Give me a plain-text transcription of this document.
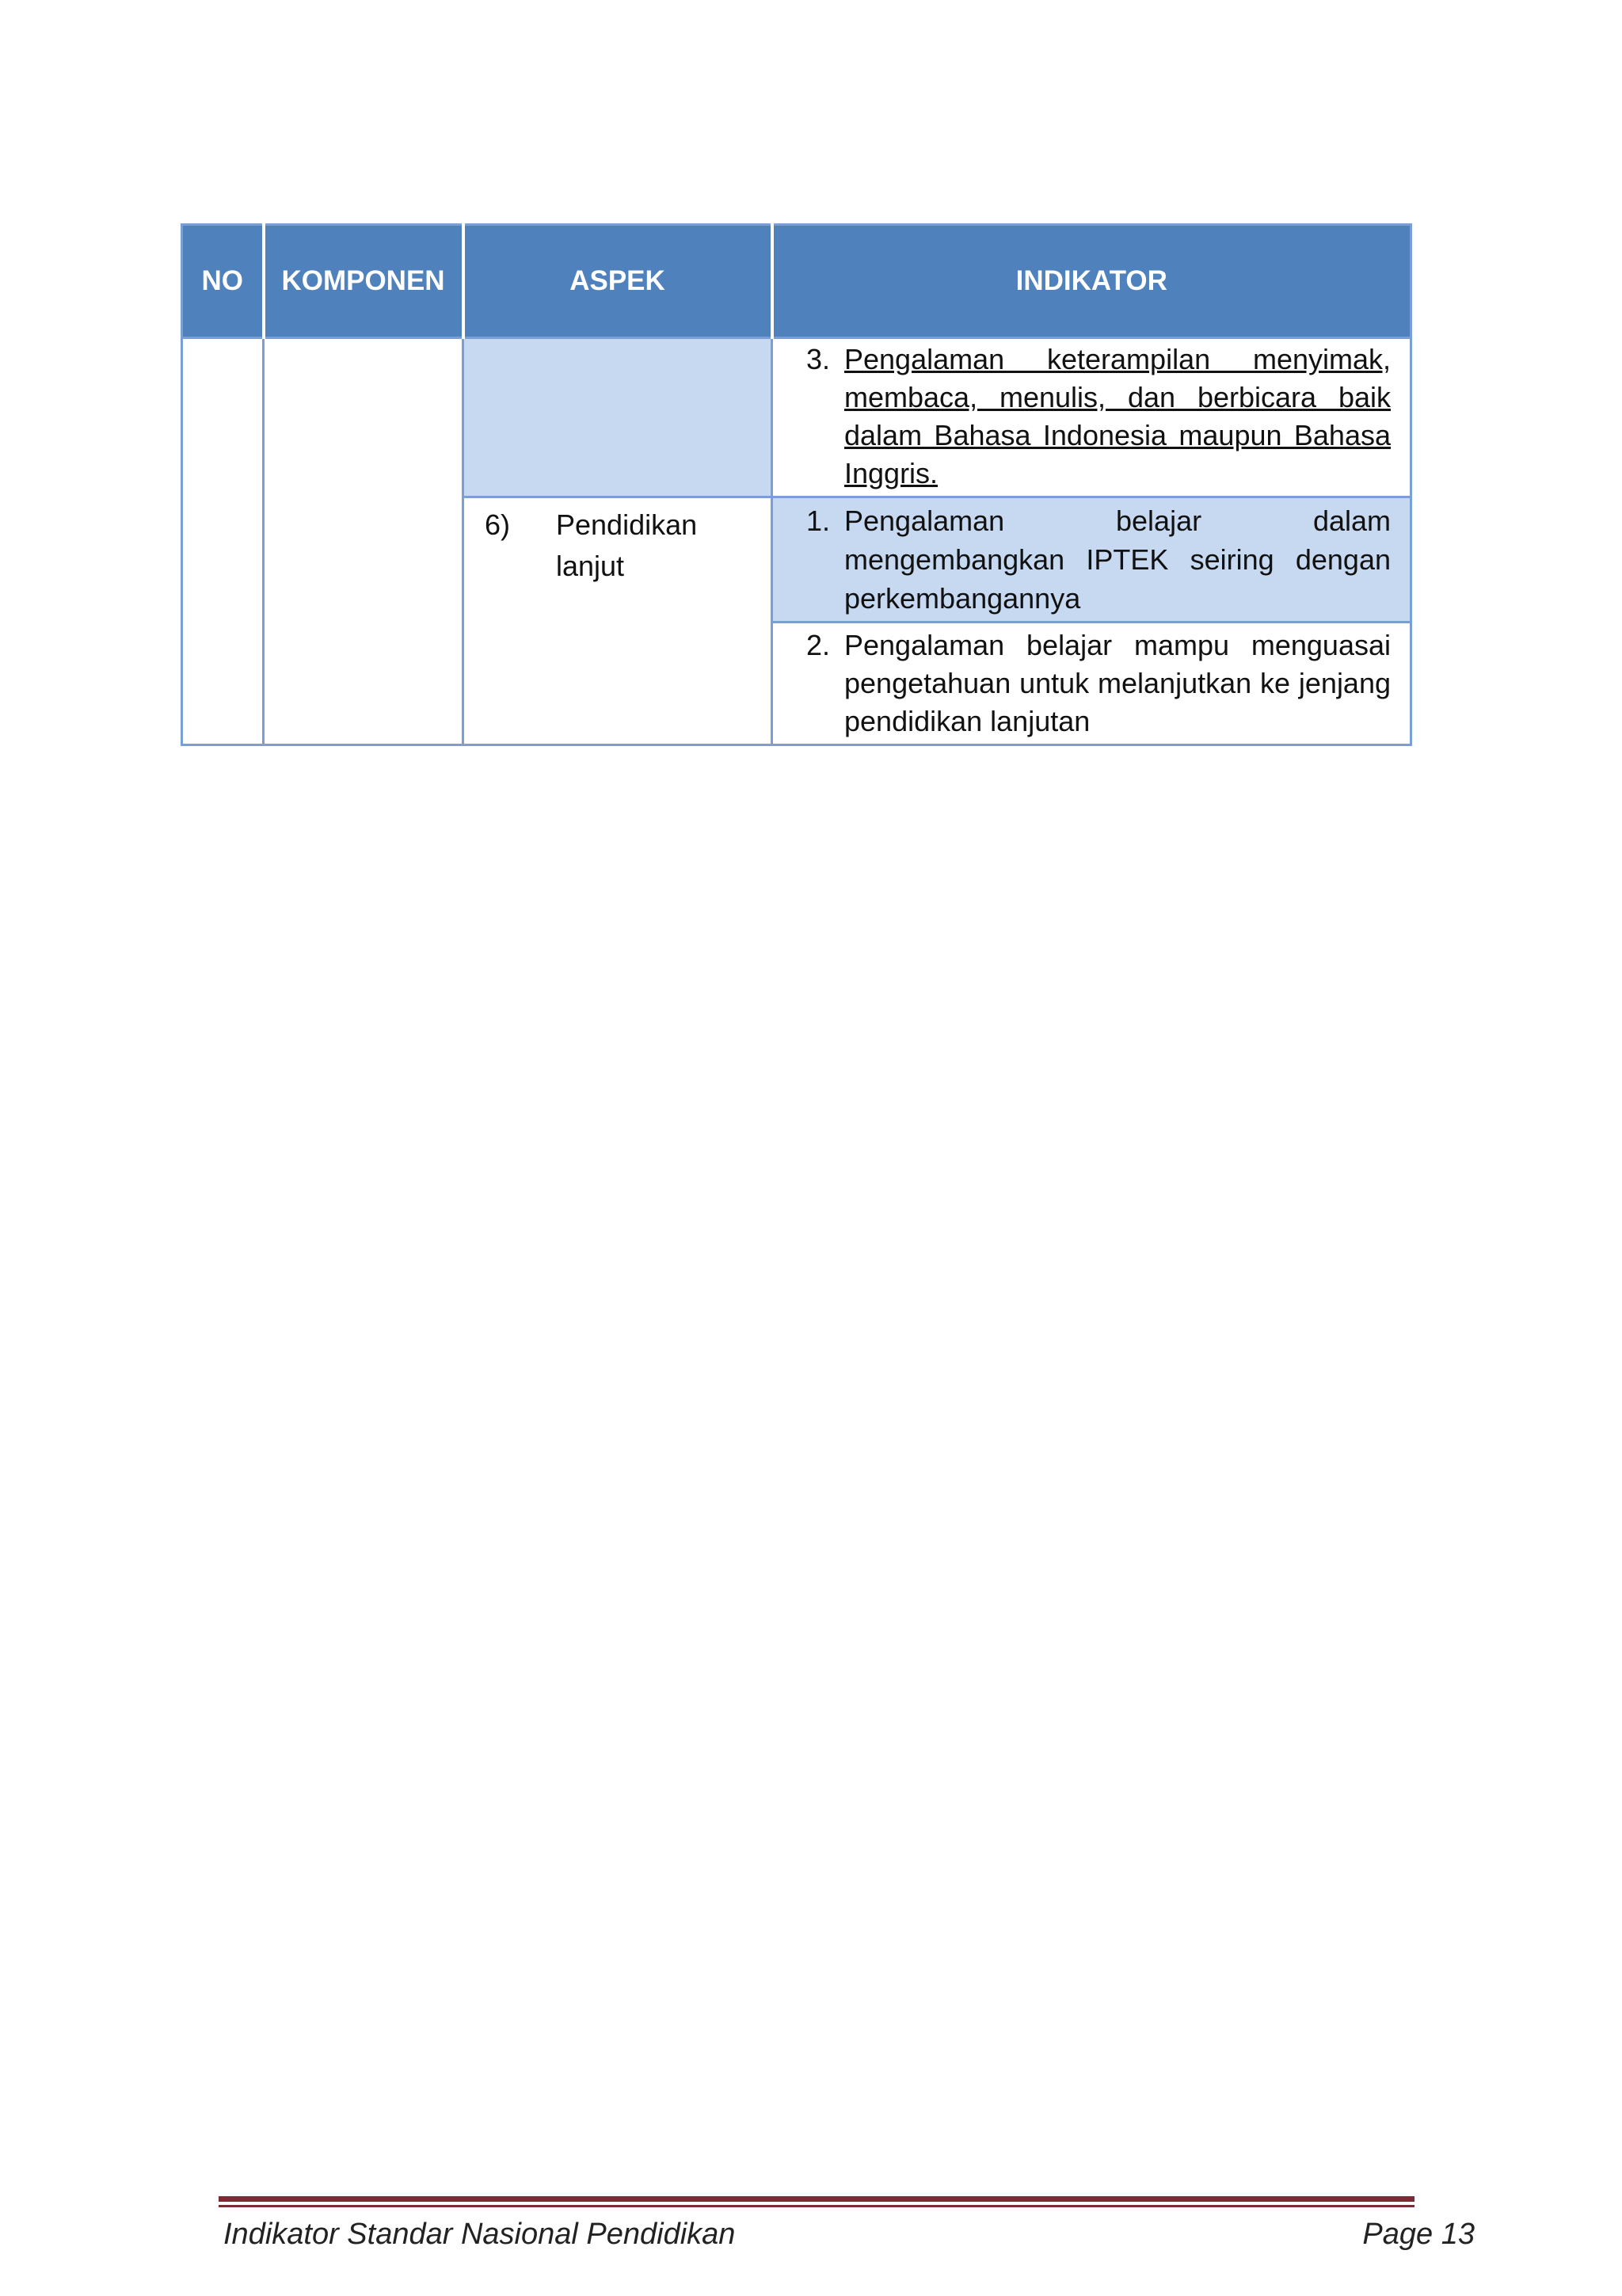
NO	KOMPONEN	ASPEK	INDIKATOR

			3. Pengalaman keterampilan menyimak, membaca, menulis, dan berbicara baik dalam Bahasa Indonesia maupun Bahasa Inggris.

		6) Pendidikan lanjut	1. Pengalaman belajar dalam mengembangkan IPTEK seiring dengan perkembangannya

			2. Pengalaman belajar mampu menguasai pengetahuan untuk melanjutkan ke jenjang pendidikan lanjutan
Indikator Standar Nasional Pendidikan	Page 13
